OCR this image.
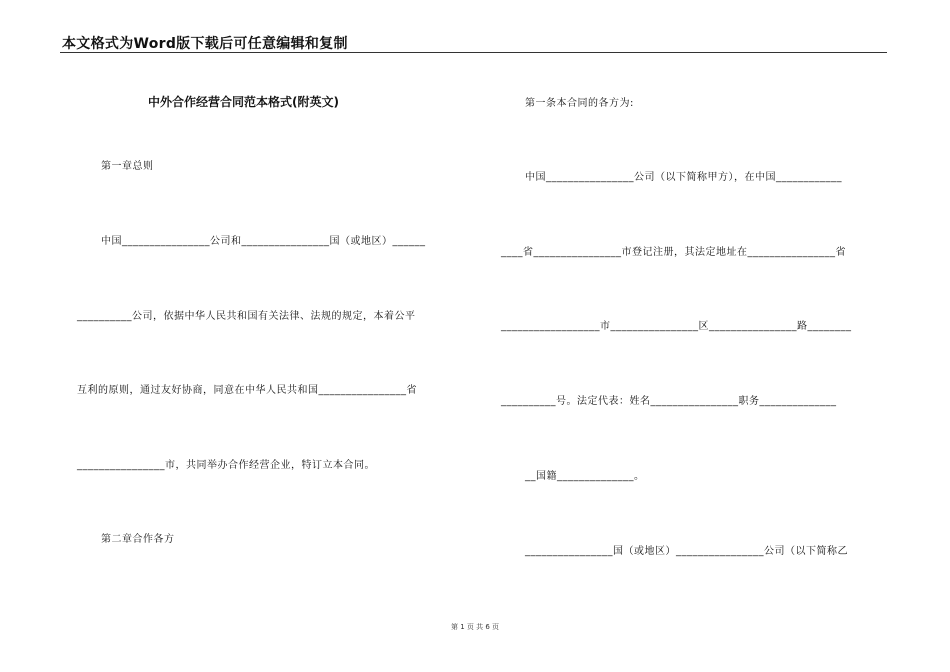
本文格式为Word版下载后可任意编辑和复制
中外合作经营合同范本格式(附英文)
第一章总则
中国________________公司和________________国（或地区）______
__________公司，依据中华人民共和国有关法律、法规的规定，本着公平
互利的原则，通过友好协商，同意在中华人民共和国________________省
________________市，共同举办合作经营企业，特订立本合同。
第二章合作各方
第一条本合同的各方为:
中国________________公司（以下简称甲方），在中国____________
____省________________市登记注册，其法定地址在________________省
__________________市________________区________________路________
__________号。法定代表：姓名________________职务______________
__国籍______________。
________________国（或地区）________________公司（以下简称乙
第 1 页 共 6 页
